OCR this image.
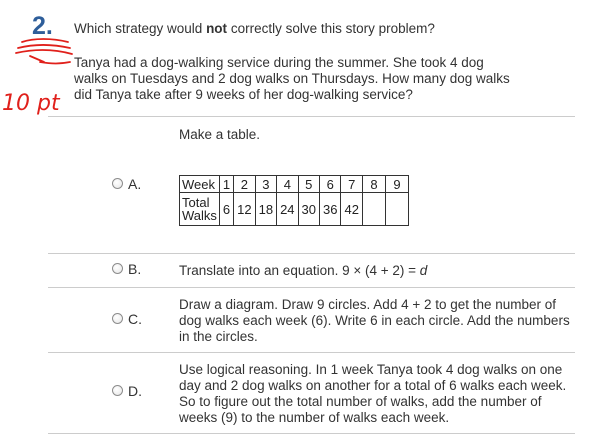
2. Which strategy would not correctly solve this story problem?
Tanya had a dog-walking service during the summer. She took 4 dog walks on Tuesdays and 2 dog walks on Thursdays. How many dog walks did Tanya take after 9 weeks of her dog-walking service?
10 pt
Make a table.
A.	Week	1	2	3	4	5	6	7	8	9
Total
Walks	6	12	18	24	30	36	42		
B.	Translate into an equation. 9 × (4 + 2) = d
C.
Draw a diagram. Draw 9 circles. Add 4 + 2 to get the number of dog walks each week (6). Write 6 in each circle. Add the numbers in the circles.
D.
Use logical reasoning. In 1 week Tanya took 4 dog walks on one day and 2 dog walks on another for a total of 6 walks each week. So to figure out the total number of walks, add the number of weeks (9) to the number of walks each week.
